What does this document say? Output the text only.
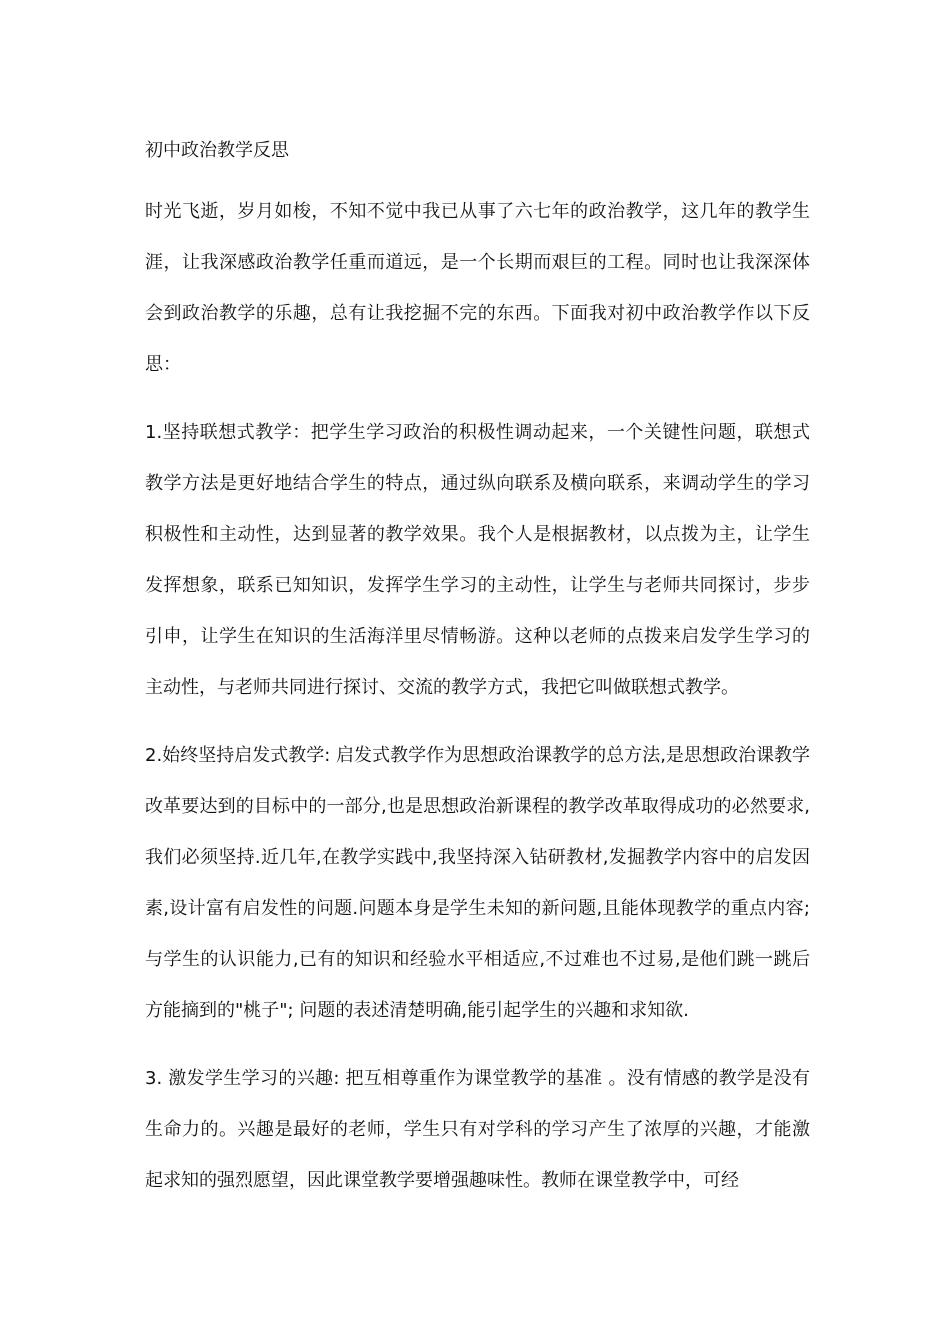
初中政治教学反思

时光飞逝，岁月如梭，不知不觉中我已从事了六七年的政治教学，这几年的教学生涯，让我深感政治教学任重而道远，是一个长期而艰巨的工程。同时也让我深深体会到政治教学的乐趣，总有让我挖掘不完的东西。下面我对初中政治教学作以下反思：

1.坚持联想式教学：把学生学习政治的积极性调动起来，一个关键性问题，联想式教学方法是更好地结合学生的特点，通过纵向联系及横向联系，来调动学生的学习积极性和主动性，达到显著的教学效果。我个人是根据教材，以点拨为主，让学生发挥想象，联系已知知识，发挥学生学习的主动性，让学生与老师共同探讨，步步引申，让学生在知识的生活海洋里尽情畅游。这种以老师的点拨来启发学生学习的主动性，与老师共同进行探讨、交流的教学方式，我把它叫做联想式教学。

2.始终坚持启发式教学: 启发式教学作为思想政治课教学的总方法,是思想政治课教学改革要达到的目标中的一部分,也是思想政治新课程的教学改革取得成功的必然要求,我们必须坚持.近几年,在教学实践中,我坚持深入钻研教材,发掘教学内容中的启发因素,设计富有启发性的问题.问题本身是学生未知的新问题,且能体现教学的重点内容; 与学生的认识能力,已有的知识和经验水平相适应,不过难也不过易,是他们跳一跳后方能摘到的"桃子"; 问题的表述清楚明确,能引起学生的兴趣和求知欲.

3. 激发学生学习的兴趣: 把互相尊重作为课堂教学的基准 。没有情感的教学是没有生命力的。兴趣是最好的老师，学生只有对学科的学习产生了浓厚的兴趣，才能激起求知的强烈愿望，因此课堂教学要增强趣味性。教师在课堂教学中，可经
